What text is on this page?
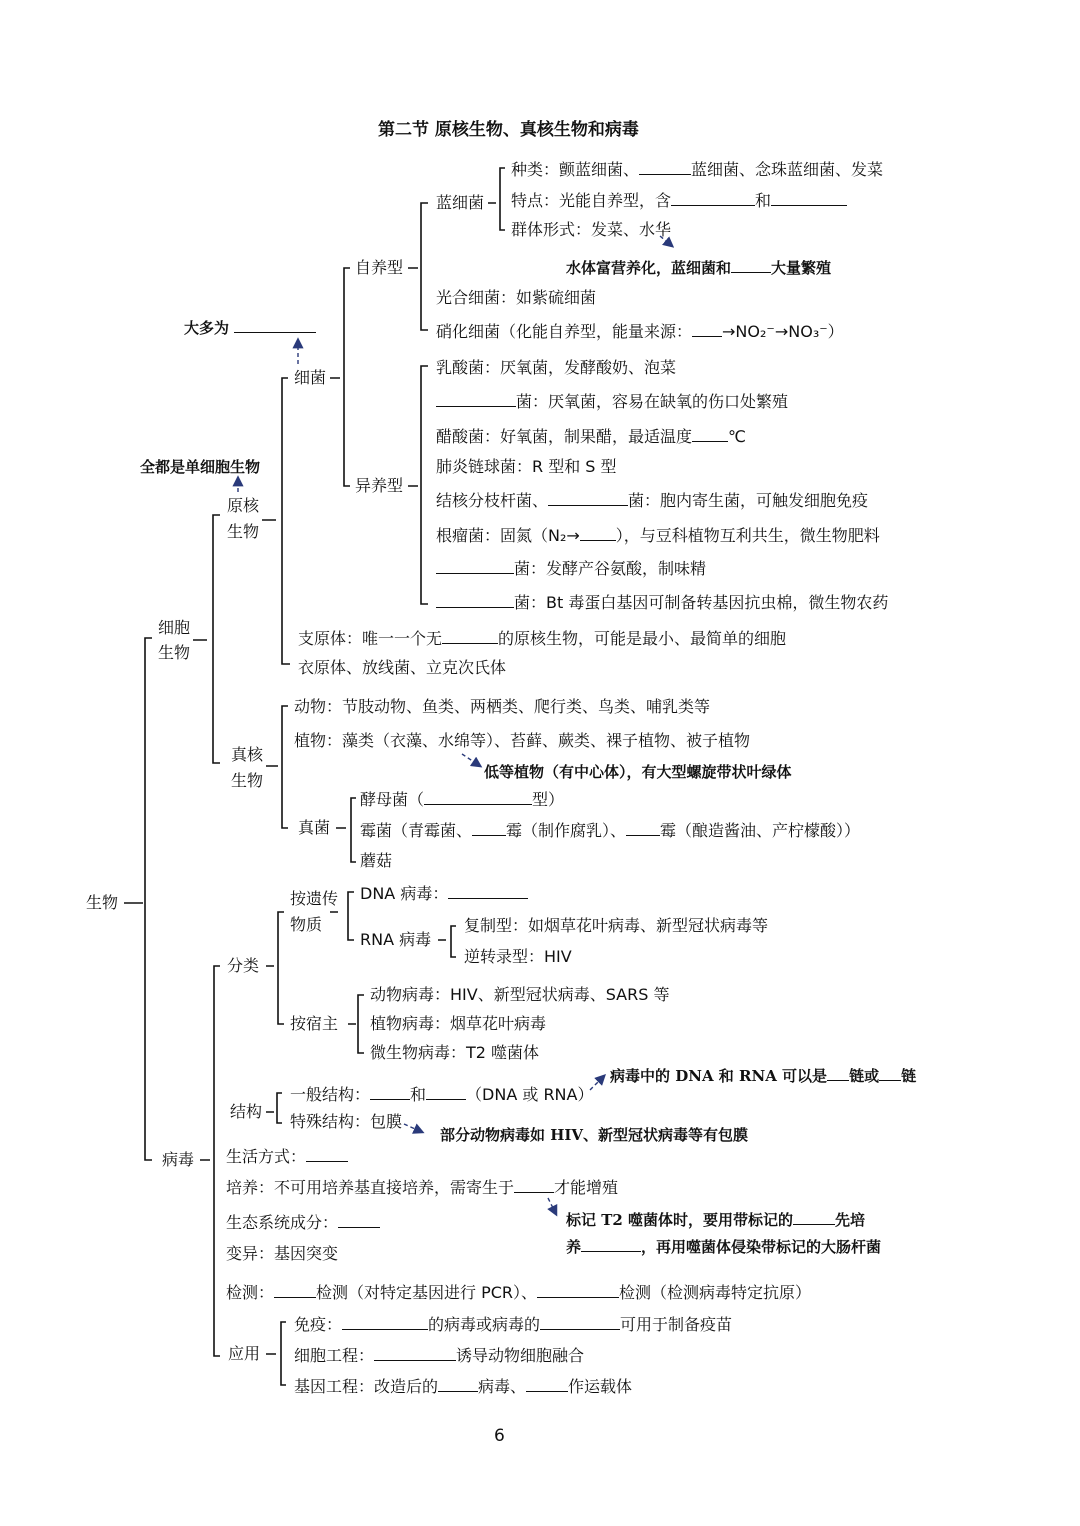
第二节 原核生物、真核生物和病毒
生物
细胞
生物
原核
生物
大多为
全都是单细胞生物
细菌
自养型
异养型
蓝细菌
种类：颤蓝细菌、	蓝细菌、念珠蓝细菌、发菜
特点：光能自养型，含	和
群体形式：发菜、水华
水体富营养化，蓝细菌和	大量繁殖
光合细菌：如紫硫细菌
硝化细菌（化能自养型，能量来源： →NO₂⁻→NO₃⁻）
乳酸菌：厌氧菌，发酵酸奶、泡菜
菌：厌氧菌，容易在缺氧的伤口处繁殖
醋酸菌：好氧菌，制果醋，最适温度 ℃
肺炎链球菌：R 型和 S 型
结核分枝杆菌、	菌：胞内寄生菌，可触发细胞免疫
根瘤菌：固氮（N₂→ ），与豆科植物互利共生，微生物肥料
菌：发酵产谷氨酸，制味精
菌：Bt 毒蛋白基因可制备转基因抗虫棉，微生物农药
支原体：唯一一个无	的原核生物，可能是最小、最简单的细胞
衣原体、放线菌、立克次氏体
真核
生物
动物：节肢动物、鱼类、两栖类、爬行类、鸟类、哺乳类等
植物：藻类（衣藻、水绵等）、苔藓、蕨类、裸子植物、被子植物
低等植物（有中心体），有大型螺旋带状叶绿体
真菌
酵母菌（	型）
霉菌（青霉菌、 霉（制作腐乳）、 霉（酿造酱油、产柠檬酸））
蘑菇
病毒
分类
按遗传
物质
DNA 病毒：
RNA 病毒
复制型：如烟草花叶病毒、新型冠状病毒等
逆转录型：HIV
按宿主
动物病毒：HIV、新型冠状病毒、SARS 等
植物病毒：烟草花叶病毒
微生物病毒：T2 噬菌体
结构
一般结构：	和	（DNA 或 RNA）
特殊结构：包膜
病毒中的 DNA 和 RNA 可以是 链或 链
部分动物病毒如 HIV、新型冠状病毒等有包膜
生活方式：
培养：不可用培养基直接培养，需寄生于	才能增殖
生态系统成分：	标记 T2 噬菌体时，要用带标记的	先培
养	，再用噬菌体侵染带标记的大肠杆菌
变异：基因突变
检测：	检测（对特定基因进行 PCR）、	检测（检测病毒特定抗原）
应用
免疫：	的病毒或病毒的	可用于制备疫苗
细胞工程：	诱导动物细胞融合
基因工程：改造后的	病毒、	作运载体
6
